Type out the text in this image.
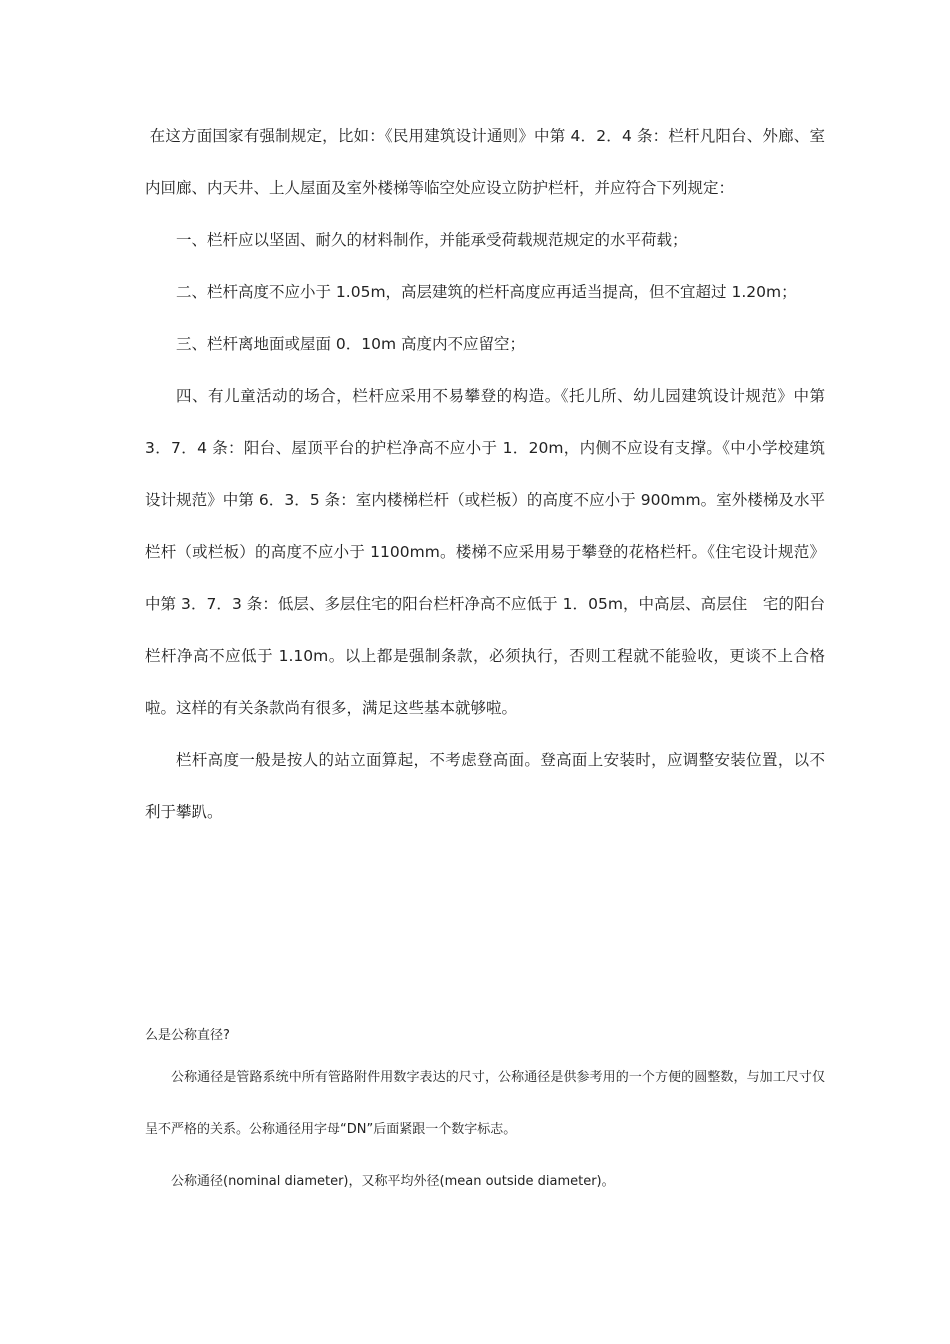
在这方面国家有强制规定，比如：《民用建筑设计通则》中第 4．2．4 条：栏杆凡阳台、外廊、室内回廊、内天井、上人屋面及室外楼梯等临空处应设立防护栏杆，并应符合下列规定：

一、栏杆应以坚固、耐久的材料制作，并能承受荷载规范规定的水平荷载；

二、栏杆高度不应小于 1.05m，高层建筑的栏杆高度应再适当提高，但不宜超过 1.20m；

三、栏杆离地面或屋面 0．10m 高度内不应留空；

四、有儿童活动的场合，栏杆应采用不易攀登的构造。《托儿所、幼儿园建筑设计规范》中第 3．7．4 条：阳台、屋顶平台的护栏净高不应小于 1．20m，内侧不应设有支撑。《中小学校建筑设计规范》中第 6．3．5 条：室内楼梯栏杆（或栏板）的高度不应小于 900mm。室外楼梯及水平栏杆（或栏板）的高度不应小于 1100mm。楼梯不应采用易于攀登的花格栏杆。《住宅设计规范》中第 3．7．3 条：低层、多层住宅的阳台栏杆净高不应低于 1．05m，中高层、高层住　宅的阳台栏杆净高不应低于 1.10m。以上都是强制条款，必须执行，否则工程就不能验收，更谈不上合格啦。这样的有关条款尚有很多，满足这些基本就够啦。

栏杆高度一般是按人的站立面算起，不考虑登高面。登高面上安装时，应调整安装位置，以不利于攀趴。

么是公称直径?

公称通径是管路系统中所有管路附件用数字表达的尺寸，公称通径是供参考用的一个方便的圆整数，与加工尺寸仅呈不严格的关系。公称通径用字母“DN”后面紧跟一个数字标志。

公称通径(nominal diameter)，又称平均外径(mean outside diameter)。
